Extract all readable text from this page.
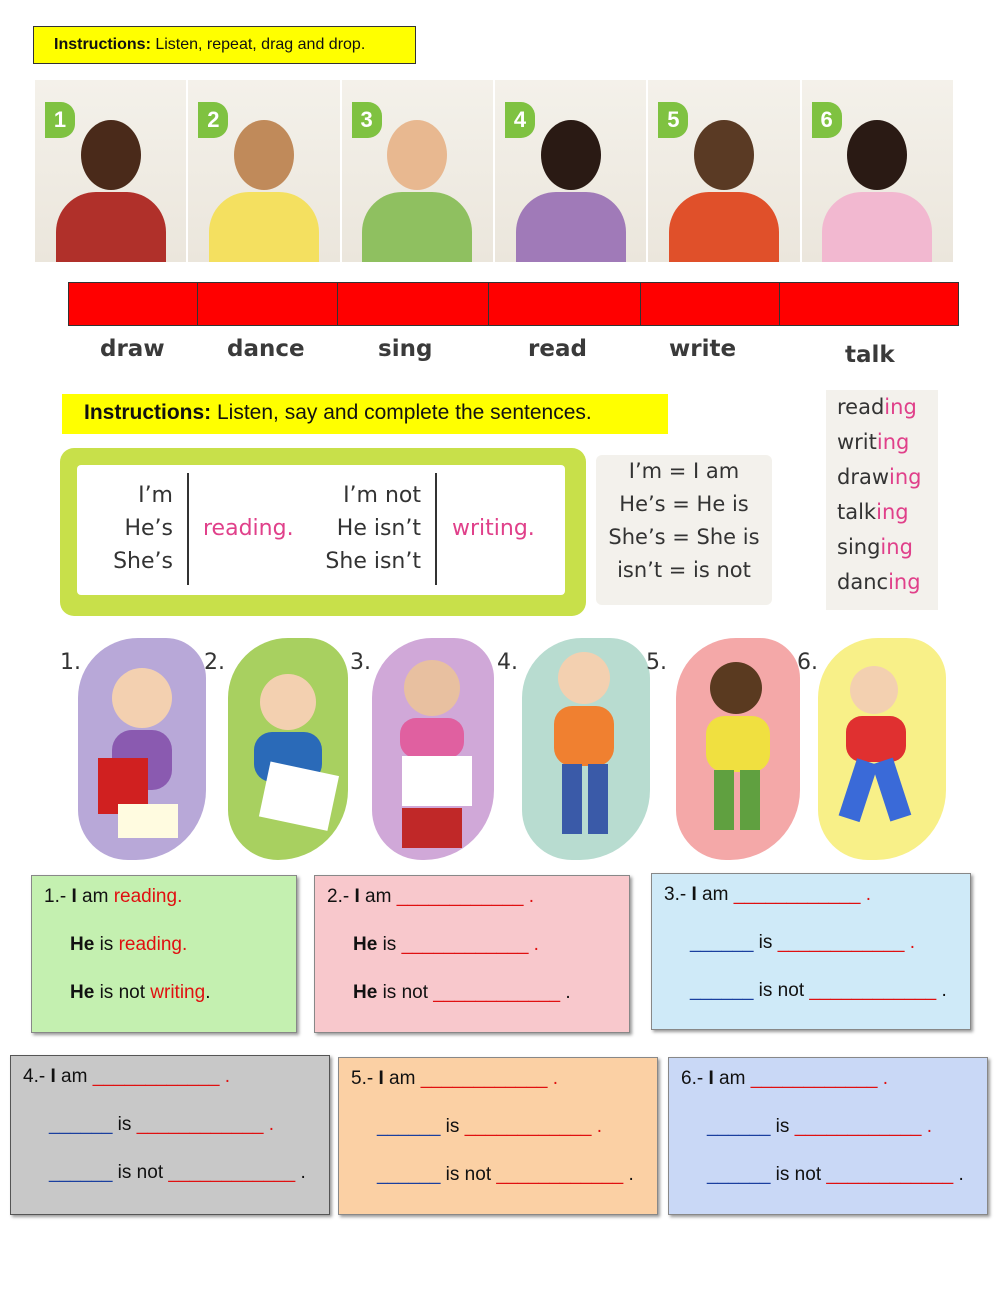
Instructions: Listen, repeat, drag and drop.
1	2	3	4	5	6
draw	dance	sing	read	write	talk
Instructions: Listen, say and complete the sentences.
I’m
He’s
She’s
reading.
I’m not
He isn’t
She isn’t
writing.
I’m = I am
He’s = He is
She’s = She is
isn’t = is not
reading
writing
drawing
talking
singing
dancing
1.	2.	3.	4.	5.	6.
1.- I am reading.
He is reading.
He is not writing.
2.- I am ____________ .
He is ____________ .
He is not ____________ .
3.- I am ____________ .
______ is ____________ .
______ is not ____________ .
4.- I am ____________ .
______ is ____________ .
______ is not ____________ .
5.- I am ____________ .
______ is ____________ .
______ is not ____________ .
6.- I am ____________ .
______ is ____________ .
______ is not ____________ .
